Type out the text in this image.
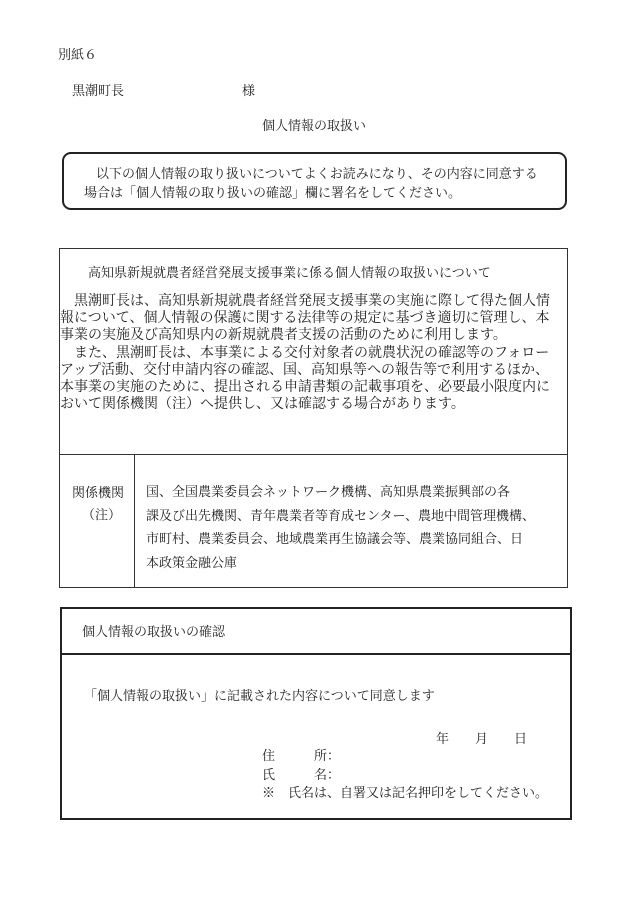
別紙６
黒潮町長	様
個人情報の取扱い
以下の個人情報の取り扱いについてよくお読みになり、その内容に同意する
場合は「個人情報の取り扱いの確認」欄に署名をしてください。
高知県新規就農者経営発展支援事業に係る個人情報の取扱いについて
　黒潮町長は、高知県新規就農者経営発展支援事業の実施に際して得た個人情
報について、個人情報の保護に関する法律等の規定に基づき適切に管理し、本
事業の実施及び高知県内の新規就農者支援の活動のために利用します。
　また、黒潮町長は、本事業による交付対象者の就農状況の確認等のフォロー
アップ活動、交付申請内容の確認、国、高知県等への報告等で利用するほか、
本事業の実施のために、提出される申請書類の記載事項を、必要最小限度内に
おいて関係機関（注）へ提供し、又は確認する場合があります。
関係機関
（注）
国、全国農業委員会ネットワーク機構、高知県農業振興部の各
課及び出先機関、青年農業者等育成センター、農地中間管理機構、
市町村、農業委員会、地域農業再生協議会等、農業協同組合、日
本政策金融公庫
個人情報の取扱いの確認
「個人情報の取扱い」に記載された内容について同意します
年 月 日
住　　　所：
氏　　　名：
※　氏名は、自署又は記名押印をしてください。
